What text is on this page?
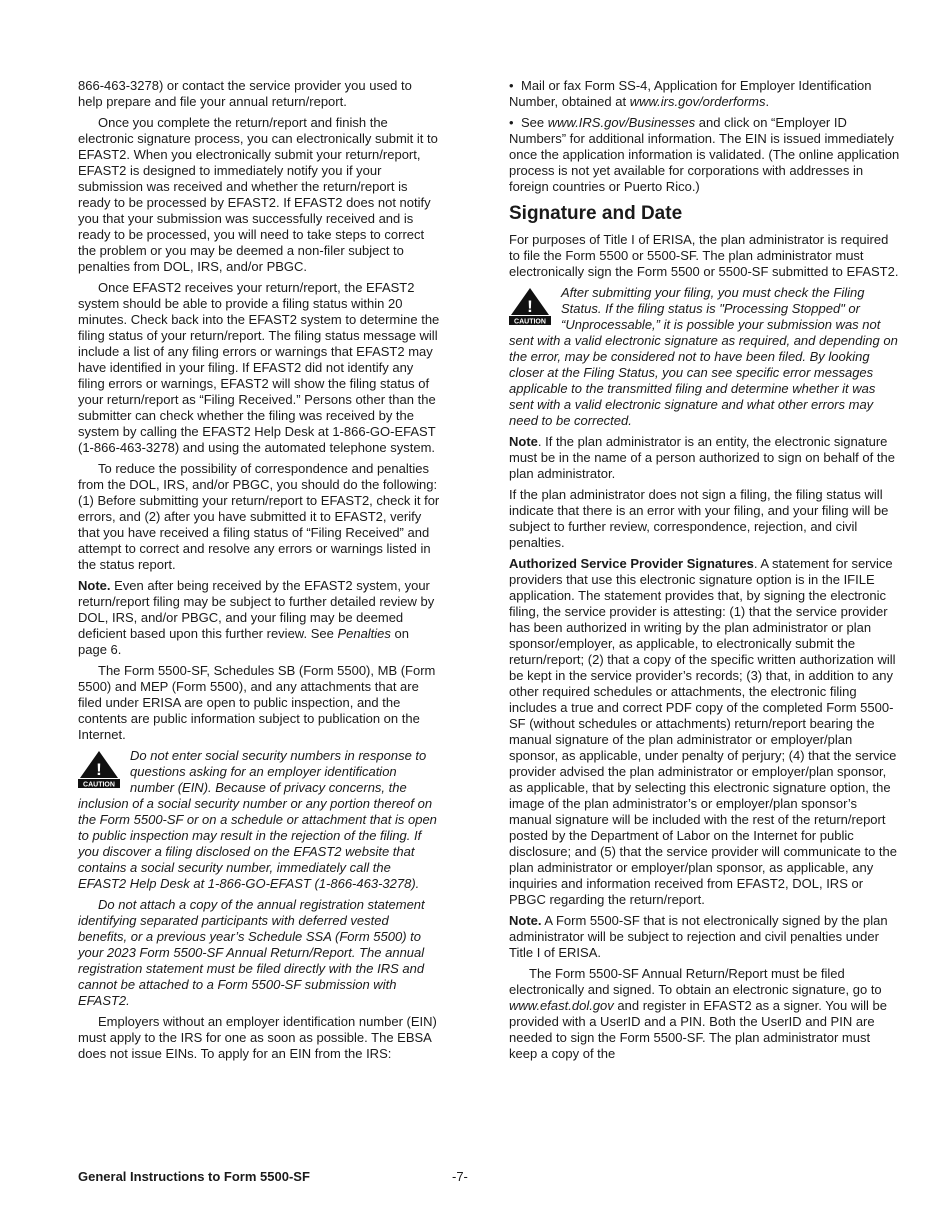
866-463-3278) or contact the service provider you used to help prepare and file your annual return/report.

Once you complete the return/report and finish the electronic signature process, you can electronically submit it to EFAST2. When you electronically submit your return/report, EFAST2 is designed to immediately notify you if your submission was received and whether the return/report is ready to be processed by EFAST2. If EFAST2 does not notify you that your submission was successfully received and is ready to be processed, you will need to take steps to correct the problem or you may be deemed a non-filer subject to penalties from DOL, IRS, and/or PBGC.

Once EFAST2 receives your return/report, the EFAST2 system should be able to provide a filing status within 20 minutes. Check back into the EFAST2 system to determine the filing status of your return/report. The filing status message will include a list of any filing errors or warnings that EFAST2 may have identified in your filing. If EFAST2 did not identify any filing errors or warnings, EFAST2 will show the filing status of your return/report as “Filing Received.” Persons other than the submitter can check whether the filing was received by the system by calling the EFAST2 Help Desk at 1-866-GO-EFAST (1-866-463-3278) and using the automated telephone system.

To reduce the possibility of correspondence and penalties from the DOL, IRS, and/or PBGC, you should do the following: (1) Before submitting your return/report to EFAST2, check it for errors, and (2) after you have submitted it to EFAST2, verify that you have received a filing status of “Filing Received” and attempt to correct and resolve any errors or warnings listed in the status report.

Note. Even after being received by the EFAST2 system, your return/report filing may be subject to further detailed review by DOL, IRS, and/or PBGC, and your filing may be deemed deficient based upon this further review. See Penalties on page 6.

The Form 5500-SF, Schedules SB (Form 5500), MB (Form 5500) and MEP (Form 5500), and any attachments that are filed under ERISA are open to public inspection, and the contents are public information subject to publication on the Internet.

!
CAUTION

Do not enter social security numbers in response to questions asking for an employer identification number (EIN). Because of privacy concerns, the inclusion of a social security number or any portion thereof on the Form 5500-SF or on a schedule or attachment that is open to public inspection may result in the rejection of the filing. If you discover a filing disclosed on the EFAST2 website that contains a social security number, immediately call the EFAST2 Help Desk at 1-866-GO-EFAST (1-866-463-3278).

Do not attach a copy of the annual registration statement identifying separated participants with deferred vested benefits, or a previous year’s Schedule SSA (Form 5500) to your 2023 Form 5500-SF Annual Return/Report. The annual registration statement must be filed directly with the IRS and cannot be attached to a Form 5500-SF submission with EFAST2.

Employers without an employer identification number (EIN) must apply to the IRS for one as soon as possible. The EBSA does not issue EINs. To apply for an EIN from the IRS:

• Mail or fax Form SS-4, Application for Employer Identification Number, obtained at www.irs.gov/orderforms.

• See www.IRS.gov/Businesses and click on “Employer ID Numbers” for additional information. The EIN is issued immediately once the application information is validated. (The online application process is not yet available for corporations with addresses in foreign countries or Puerto Rico.)

Signature and Date

For purposes of Title I of ERISA, the plan administrator is required to file the Form 5500 or 5500-SF. The plan administrator must electronically sign the Form 5500 or 5500-SF submitted to EFAST2.

!
CAUTION

After submitting your filing, you must check the Filing Status. If the filing status is "Processing Stopped" or “Unprocessable,” it is possible your submission was not sent with a valid electronic signature as required, and depending on the error, may be considered not to have been filed. By looking closer at the Filing Status, you can see specific error messages applicable to the transmitted filing and determine whether it was sent with a valid electronic signature and what other errors may need to be corrected.

Note. If the plan administrator is an entity, the electronic signature must be in the name of a person authorized to sign on behalf of the plan administrator.

If the plan administrator does not sign a filing, the filing status will indicate that there is an error with your filing, and your filing will be subject to further review, correspondence, rejection, and civil penalties.

Authorized Service Provider Signatures. A statement for service providers that use this electronic signature option is in the IFILE application. The statement provides that, by signing the electronic filing, the service provider is attesting: (1) that the service provider has been authorized in writing by the plan administrator or plan sponsor/employer, as applicable, to electronically submit the return/report; (2) that a copy of the specific written authorization will be kept in the service provider’s records; (3) that, in addition to any other required schedules or attachments, the electronic filing includes a true and correct PDF copy of the completed Form 5500-SF (without schedules or attachments) return/report bearing the manual signature of the plan administrator or employer/plan sponsor, as applicable, under penalty of perjury; (4) that the service provider advised the plan administrator or employer/plan sponsor, as applicable, that by selecting this electronic signature option, the image of the plan administrator’s or employer/plan sponsor’s manual signature will be included with the rest of the return/report posted by the Department of Labor on the Internet for public disclosure; and (5) that the service provider will communicate to the plan administrator or employer/plan sponsor, as applicable, any inquiries and information received from EFAST2, DOL, IRS or PBGC regarding the return/report.

Note. A Form 5500-SF that is not electronically signed by the plan administrator will be subject to rejection and civil penalties under Title I of ERISA.

The Form 5500-SF Annual Return/Report must be filed electronically and signed. To obtain an electronic signature, go to www.efast.dol.gov and register in EFAST2 as a signer. You will be provided with a UserID and a PIN. Both the UserID and PIN are needed to sign the Form 5500-SF. The plan administrator must keep a copy of the

General Instructions to Form 5500-SF	-7-
